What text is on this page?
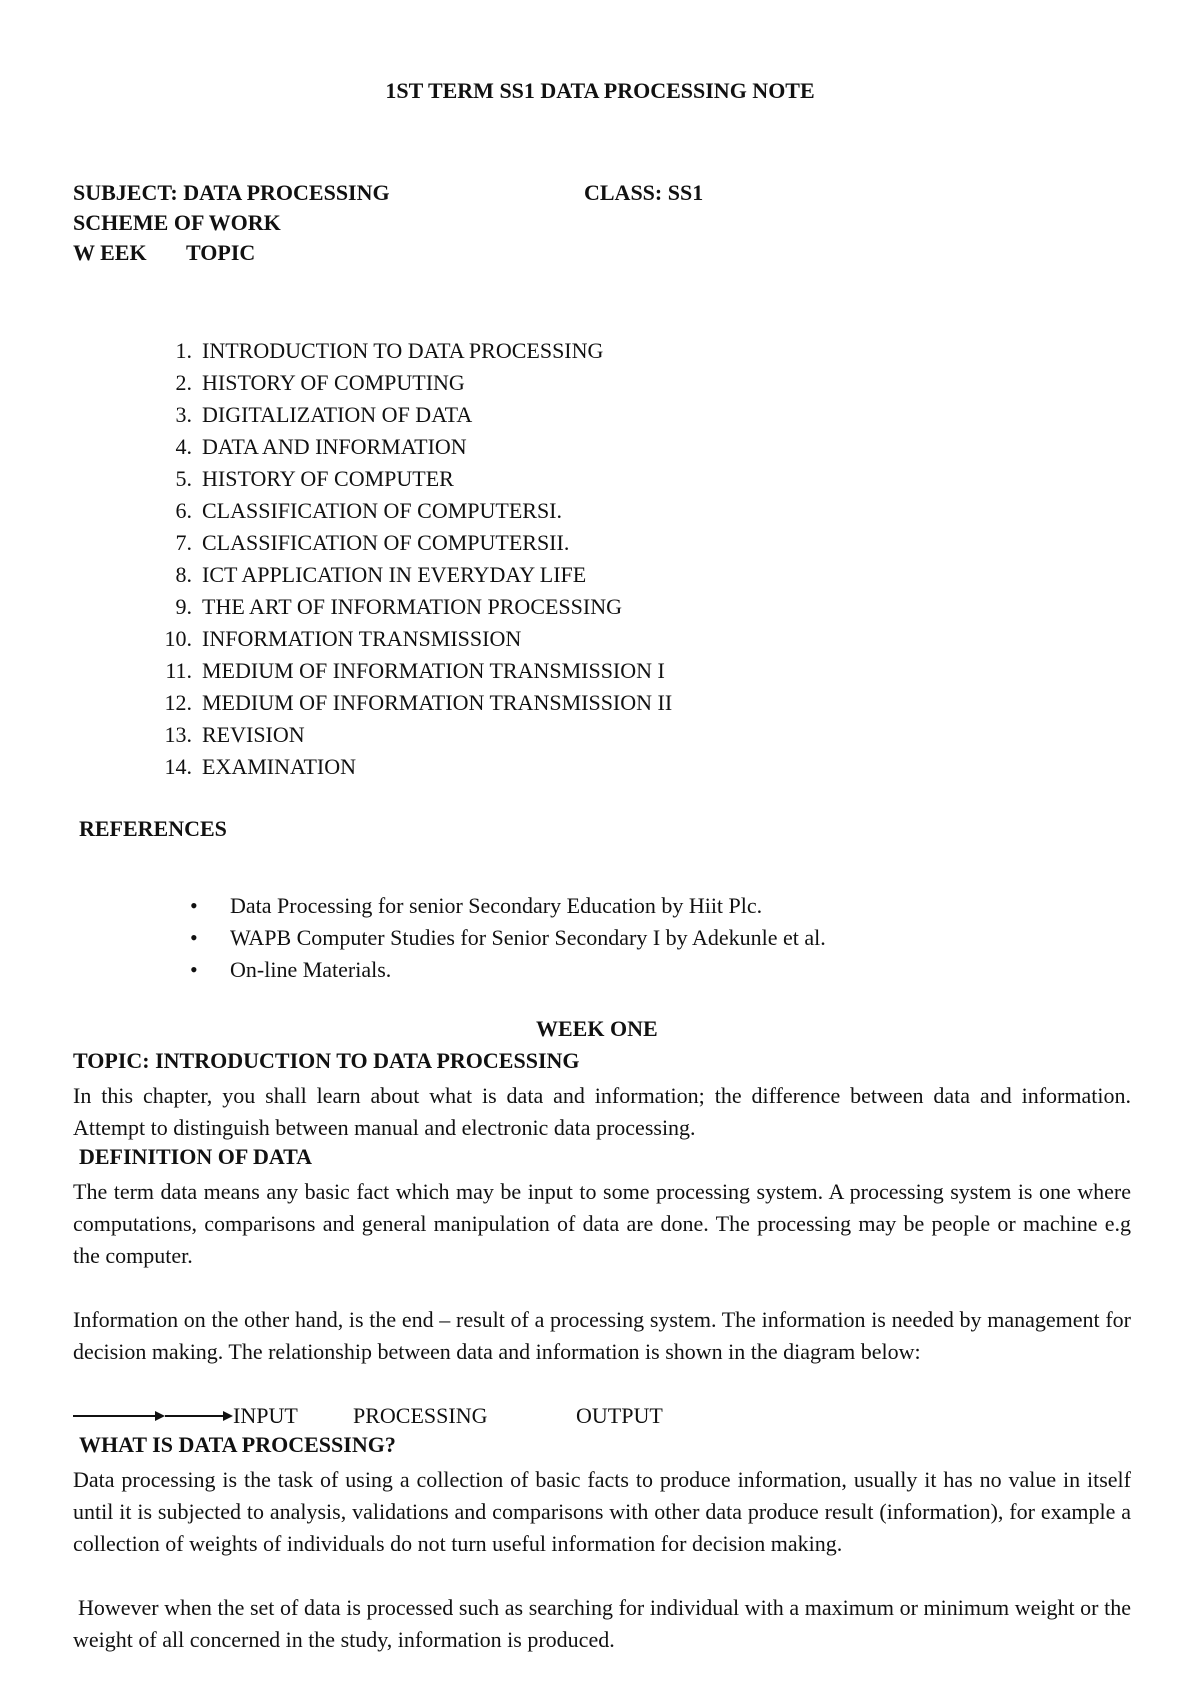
1ST TERM SS1 DATA PROCESSING NOTE
SUBJECT: DATA PROCESSING	CLASS: SS1
SCHEME OF WORK
W EEK TOPIC
1. INTRODUCTION TO DATA PROCESSING
2. HISTORY OF COMPUTING
3. DIGITALIZATION OF DATA
4. DATA AND INFORMATION
5. HISTORY OF COMPUTER
6. CLASSIFICATION OF COMPUTERSI.
7. CLASSIFICATION OF COMPUTERSII.
8. ICT APPLICATION IN EVERYDAY LIFE
9. THE ART OF INFORMATION PROCESSING
10. INFORMATION TRANSMISSION
11. MEDIUM OF INFORMATION TRANSMISSION I
12. MEDIUM OF INFORMATION TRANSMISSION II
13. REVISION
14. EXAMINATION
REFERENCES
• Data Processing for senior Secondary Education by Hiit Plc.
• WAPB Computer Studies for Senior Secondary I by Adekunle et al.
• On-line Materials.
WEEK ONE
TOPIC: INTRODUCTION TO DATA PROCESSING

In this chapter, you shall learn about what is data and information; the difference between data and information. Attempt to distinguish between manual and electronic data processing.

DEFINITION OF DATA

The term data means any basic fact which may be input to some processing system. A processing system is one where computations, comparisons and general manipulation of data are done. The processing may be people or machine e.g the computer.

Information on the other hand, is the end – result of a processing system. The information is needed by management for decision making. The relationship between data and information is shown in the diagram below:

INPUT	PROCESSING	OUTPUT
WHAT IS DATA PROCESSING?

Data processing is the task of using a collection of basic facts to produce information, usually it has no value in itself until it is subjected to analysis, validations and comparisons with other data produce result (information), for example a collection of weights of individuals do not turn useful information for decision making.

However when the set of data is processed such as searching for individual with a maximum or minimum weight or the weight of all concerned in the study, information is produced.
